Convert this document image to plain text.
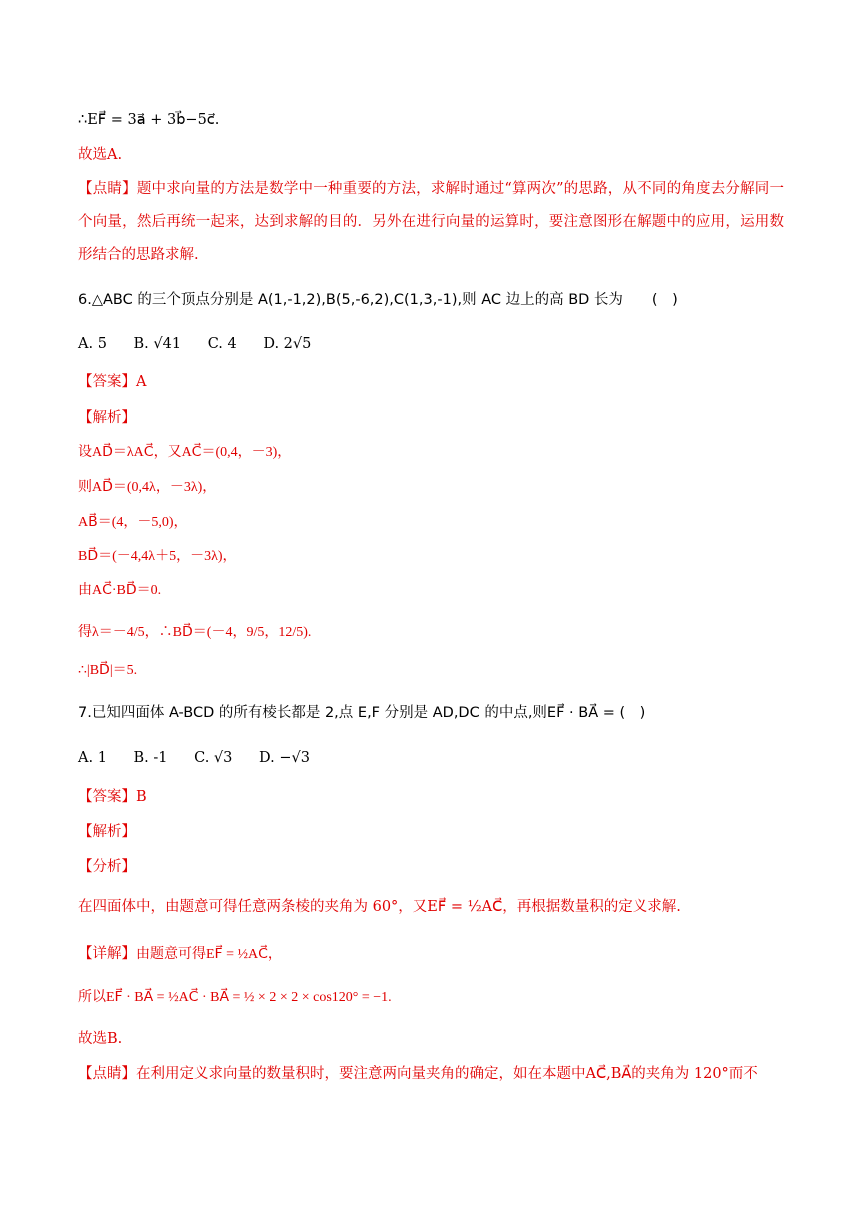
∴EF⃗ = 3a⃗ + 3b⃗−5c⃗.
故选A.
【点睛】题中求向量的方法是数学中一种重要的方法，求解时通过“算两次”的思路，从不同的角度去分解同一个向量，然后再统一起来，达到求解的目的．另外在进行向量的运算时，要注意图形在解题中的应用，运用数形结合的思路求解.
6.△ABC 的三个顶点分别是 A(1,-1,2),B(5,-6,2),C(1,3,-1),则 AC 边上的高 BD 长为　　(　)
A. 5 B. √41 C. 4 D. 2√5
【答案】A
【解析】
设AD⃗＝λAC⃗，又AC⃗＝(0,4，－3)，
则AD⃗＝(0,4λ，－3λ)，
AB⃗＝(4，－5,0)，
BD⃗＝(－4,4λ＋5，－3λ)，
由AC⃗·BD⃗＝0.
得λ＝－4/5，∴BD⃗＝(－4，9/5，12/5).
∴|BD⃗|＝5.
7.已知四面体 A-BCD 的所有棱长都是 2,点 E,F 分别是 AD,DC 的中点,则EF⃗ · BA⃗ = (　)
A. 1 B. -1 C. √3 D. −√3
【答案】B
【解析】
【分析】
在四面体中，由题意可得任意两条棱的夹角为 60°，又EF⃗ = ½AC⃗，再根据数量积的定义求解.
【详解】由题意可得EF⃗ = ½AC⃗，
所以EF⃗ · BA⃗ = ½AC⃗ · BA⃗ = ½ × 2 × 2 × cos120° = −1.
故选B.
【点睛】在利用定义求向量的数量积时，要注意两向量夹角的确定，如在本题中AC⃗,BA⃗的夹角为 120°而不
